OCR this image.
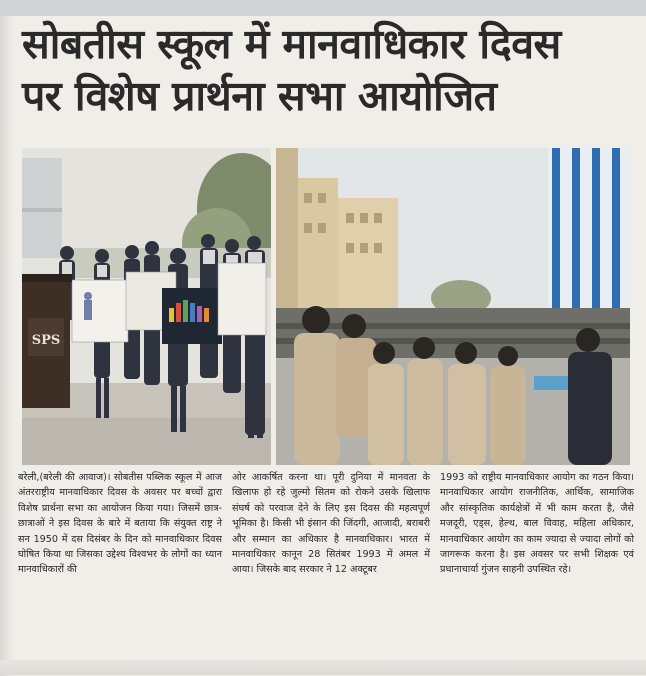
सोबतीस स्कूल में मानवाधिकार दिवस
पर विशेष प्रार्थना सभा आयोजित
SPS

बरेली,(बरेली की आवाज)। सोबतीस पब्लिक स्कूल में आज अंतरराष्ट्रीय मानवाधिकार दिवस के अवसर पर बच्चों द्वारा विशेष प्रार्थना सभा का आयोजन किया गया। जिसमें छात्र-छात्राओं ने इस दिवस के बारे में बताया कि संयुक्त राष्ट्र ने सन 1950 में दस दिसंबर के दिन को मानवाधिकार दिवस घोषित किया था जिसका उद्देश्य विश्वभर के लोगों का ध्यान मानवाधिकारों की

ओर आकर्षित करना था। पूरी दुनिया में मानवता के खिलाफ हो रहे जुल्मो सितम को रोकने उसके खिलाफ संघर्ष को परवाज देने के लिए इस दिवस की महत्वपूर्ण भूमिका है। किसी भी इंसान की जिंदगी, आजादी, बराबरी और सम्मान का अधिकार है मानवाधिकार। भारत में मानवाधिकार कानून 28 सितंबर 1993 में अमल में आया। जिसके बाद सरकार ने 12 अक्टूबर

1993 को राष्ट्रीय मानवाधिकार आयोग का गठन किया। मानवाधिकार आयोग राजनीतिक, आर्थिक, सामाजिक और सांस्कृतिक कार्यक्षेत्रों में भी काम करता है, जैसे मजदूरी, एड्स, हेल्थ, बाल विवाह, महिला अधिकार, मानवाधिकार आयोग का काम ज्यादा से ज्यादा लोगों को जागरूक करना है। इस अवसर पर सभी शिक्षक एवं प्रधानाचार्या गुंजन साहनी उपस्थित रहे।
